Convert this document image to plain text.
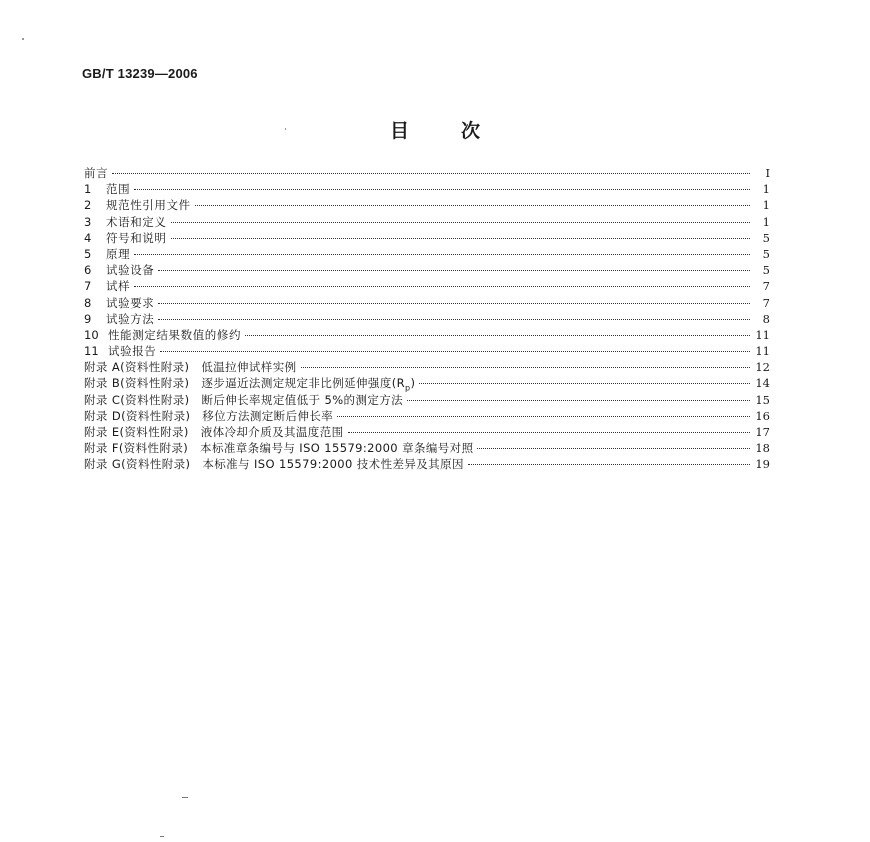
GB/T 13239—2006
目	次
前言	I
1	范围	1
2	规范性引用文件	1
3	术语和定义	1
4	符号和说明	5
5	原理	5
6	试验设备	5
7	试样	7
8	试验要求	7
9	试验方法	8
10 性能测定结果数值的修约	11
11 试验报告	11
附录 A(资料性附录)　低温拉伸试样实例	12
附录 B(资料性附录)　逐步逼近法测定规定非比例延伸强度$(R_p)$	14
附录 C(资料性附录)　断后伸长率规定值低于 5%的测定方法	15
附录 D(资料性附录)　移位方法测定断后伸长率	16
附录 E(资料性附录)　液体冷却介质及其温度范围	17
附录 F(资料性附录)　本标准章条编号与 ISO 15579:2000 章条编号对照	18
附录 G(资料性附录)　本标准与 ISO 15579:2000 技术性差异及其原因	19
